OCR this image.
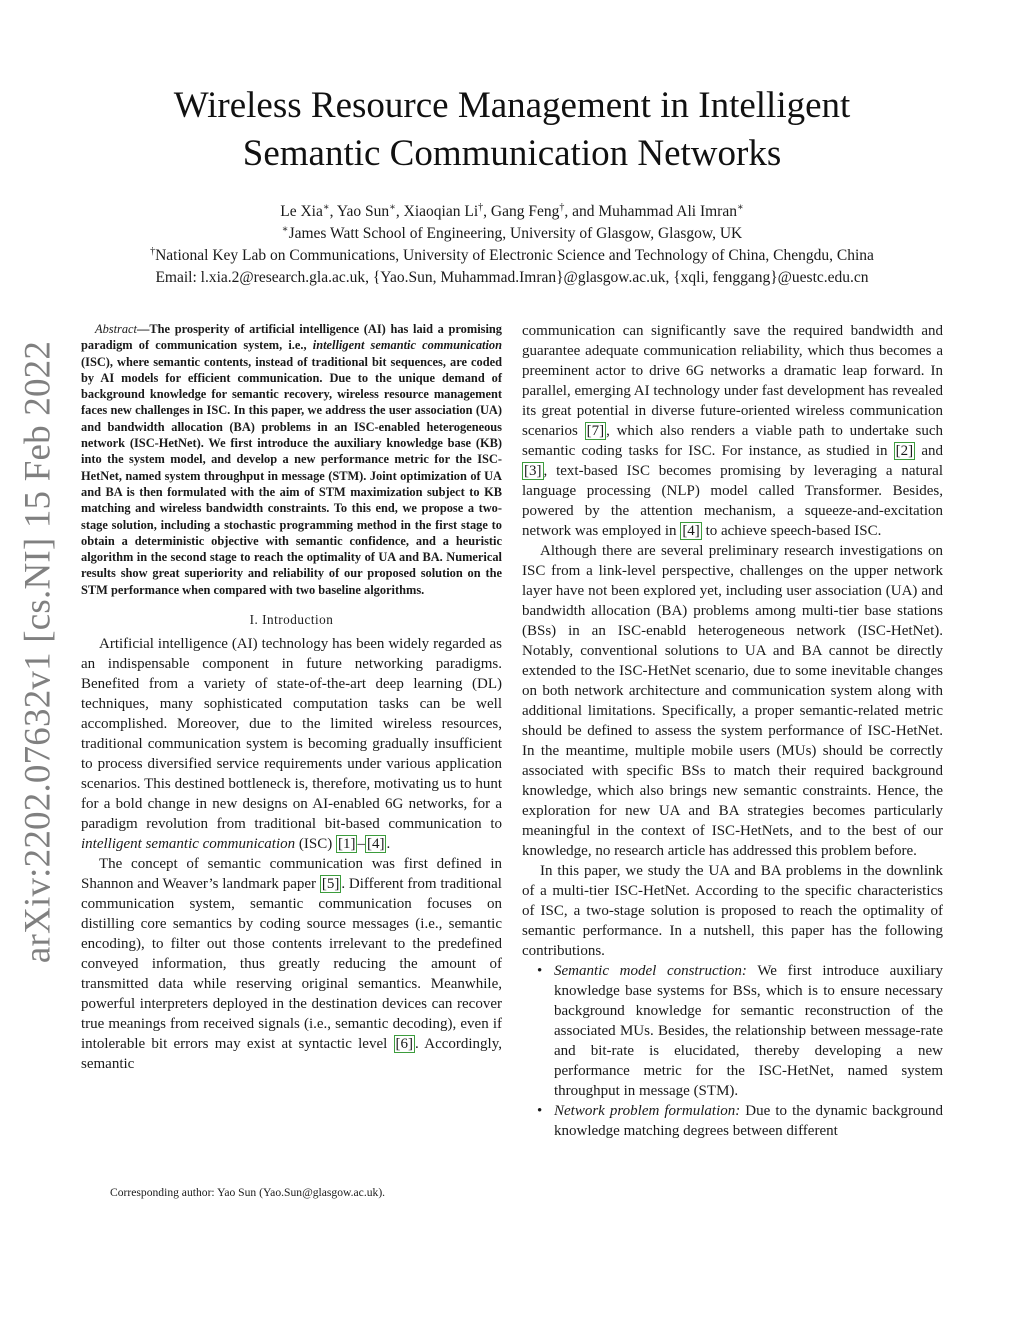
arXiv:2202.07632v1 [cs.NI] 15 Feb 2022
Wireless Resource Management in Intelligent
Semantic Communication Networks
Le Xia∗, Yao Sun∗, Xiaoqian Li†, Gang Feng†, and Muhammad Ali Imran∗
∗James Watt School of Engineering, University of Glasgow, Glasgow, UK
†National Key Lab on Communications, University of Electronic Science and Technology of China, Chengdu, China
Email: l.xia.2@research.gla.ac.uk, {Yao.Sun, Muhammad.Imran}@glasgow.ac.uk, {xqli, fenggang}@uestc.edu.cn

Abstract—The prosperity of artificial intelligence (AI) has laid a promising paradigm of communication system, i.e., intelligent semantic communication (ISC), where semantic contents, instead of traditional bit sequences, are coded by AI models for efficient communication. Due to the unique demand of background knowledge for semantic recovery, wireless resource management faces new challenges in ISC. In this paper, we address the user association (UA) and bandwidth allocation (BA) problems in an ISC-enabled heterogeneous network (ISC-HetNet). We first introduce the auxiliary knowledge base (KB) into the system model, and develop a new performance metric for the ISC-HetNet, named system throughput in message (STM). Joint optimization of UA and BA is then formulated with the aim of STM maximization subject to KB matching and wireless bandwidth constraints. To this end, we propose a two-stage solution, including a stochastic programming method in the first stage to obtain a deterministic objective with semantic confidence, and a heuristic algorithm in the second stage to reach the optimality of UA and BA. Numerical results show great superiority and reliability of our proposed solution on the STM performance when compared with two baseline algorithms.

I. Introduction

Artificial intelligence (AI) technology has been widely regarded as an indispensable component in future networking paradigms. Benefited from a variety of state-of-the-art deep learning (DL) techniques, many sophisticated computation tasks can be well accomplished. Moreover, due to the limited wireless resources, traditional communication system is becoming gradually insufficient to process diversified service requirements under various application scenarios. This destined bottleneck is, therefore, motivating us to hunt for a bold change in new designs on AI-enabled 6G networks, for a paradigm revolution from traditional bit-based communication to intelligent semantic communication (ISC) [1] – [4] .

The concept of semantic communication was first defined in Shannon and Weaver’s landmark paper [5] . Different from traditional communication system, semantic communication focuses on distilling core semantics by coding source messages (i.e., semantic encoding), to filter out those contents irrelevant to the predefined conveyed information, thus greatly reducing the amount of transmitted data while reserving original semantics. Meanwhile, powerful interpreters deployed in the destination devices can recover true meanings from received signals (i.e., semantic decoding), even if intolerable bit errors may exist at syntactic level [6] . Accordingly, semantic

communication can significantly save the required bandwidth and guarantee adequate communication reliability, which thus becomes a preeminent actor to drive 6G networks a dramatic leap forward. In parallel, emerging AI technology under fast development has revealed its great potential in diverse future-oriented wireless communication scenarios [7] , which also renders a viable path to undertake such semantic coding tasks for ISC. For instance, as studied in [2] and [3] , text-based ISC becomes promising by leveraging a natural language processing (NLP) model called Transformer. Besides, powered by the attention mechanism, a squeeze-and-excitation network was employed in [4] to achieve speech-based ISC.

Although there are several preliminary research investigations on ISC from a link-level perspective, challenges on the upper network layer have not been explored yet, including user association (UA) and bandwidth allocation (BA) problems among multi-tier base stations (BSs) in an ISC-enabld heterogeneous network (ISC-HetNet). Notably, conventional solutions to UA and BA cannot be directly extended to the ISC-HetNet scenario, due to some inevitable changes on both network architecture and communication system along with additional limitations. Specifically, a proper semantic-related metric should be defined to assess the system performance of ISC-HetNet. In the meantime, multiple mobile users (MUs) should be correctly associated with specific BSs to match their required background knowledge, which also brings new semantic constraints. Hence, the exploration for new UA and BA strategies becomes particularly meaningful in the context of ISC-HetNets, and to the best of our knowledge, no research article has addressed this problem before.

In this paper, we study the UA and BA problems in the downlink of a multi-tier ISC-HetNet. According to the specific characteristics of ISC, a two-stage solution is proposed to reach the optimality of semantic performance. In a nutshell, this paper has the following contributions.

• Semantic model construction: We first introduce auxiliary knowledge base systems for BSs, which is to ensure necessary background knowledge for semantic reconstruction of the associated MUs. Besides, the relationship between message-rate and bit-rate is elucidated, thereby developing a new performance metric for the ISC-HetNet, named system throughput in message (STM).
• Network problem formulation: Due to the dynamic background knowledge matching degrees between different
Corresponding author: Yao Sun (Yao.Sun@glasgow.ac.uk).
